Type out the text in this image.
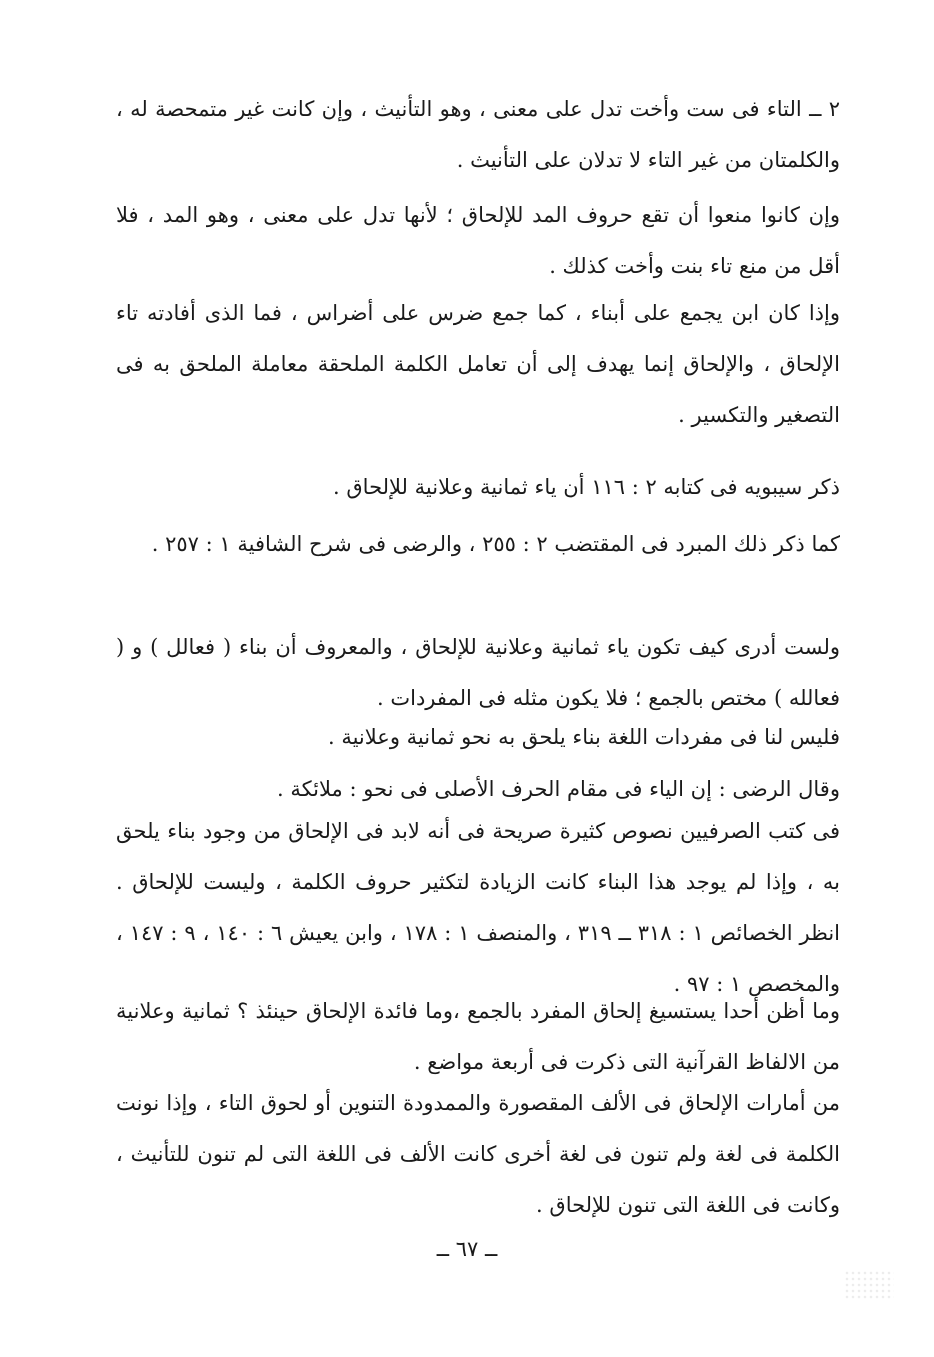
٢ ــ التاء فى ست وأخت تدل على معنى ، وهو التأنيث ، وإن كانت غير متمحصة له ، والكلمتان من غير التاء لا تدلان على التأنيث .

وإن كانوا منعوا أن تقع حروف المد للإلحاق ؛ لأنها تدل على معنى ، وهو المد ، فلا أقل من منع تاء بنت وأخت كذلك .

وإذا كان ابن يجمع على أبناء ، كما جمع ضرس على أضراس ، فما الذى أفادته تاء الإلحاق ، والإلحاق إنما يهدف إلى أن تعامل الكلمة الملحقة معاملة الملحق به فى التصغير والتكسير .

ذكر سيبويه فى كتابه ٢ : ١١٦ أن ياء ثمانية وعلانية للإلحاق .

كما ذكر ذلك المبرد فى المقتضب ٢ : ٢٥٥ ، والرضى فى شرح الشافية ١ : ٢٥٧ .

ولست أدرى كيف تكون ياء ثمانية وعلانية للإلحاق ، والمعروف أن بناء ( فعالل ) و ( فعالله ) مختص بالجمع ؛ فلا يكون مثله فى المفردات .

فليس لنا فى مفردات اللغة بناء يلحق به نحو ثمانية وعلانية .

وقال الرضى : إن الياء فى مقام الحرف الأصلى فى نحو : ملائكة .

فى كتب الصرفيين نصوص كثيرة صريحة فى أنه لابد فى الإلحاق من وجود بناء يلحق به ، وإذا لم يوجد هذا البناء كانت الزيادة لتكثير حروف الكلمة ، وليست للإلحاق . انظر الخصائص ١ : ٣١٨ ــ ٣١٩ ، والمنصف ١ : ١٧٨ ، وابن يعيش ٦ : ١٤٠ ، ٩ : ١٤٧ ، والمخصص ١ : ٩٧ .

وما أظن أحدا يستسيغ إلحاق المفرد بالجمع ،وما فائدة الإلحاق حينئذ ؟ ثمانية وعلانية من الالفاظ القرآنية التى ذكرت فى أربعة مواضع .

من أمارات الإلحاق فى الألف المقصورة والممدودة التنوين أو لحوق التاء ، وإذا نونت الكلمة فى لغة ولم تنون فى لغة أخرى كانت الألف فى اللغة التى لم تنون للتأنيث ، وكانت فى اللغة التى تنون للإلحاق .

ــ ٦٧ ــ
